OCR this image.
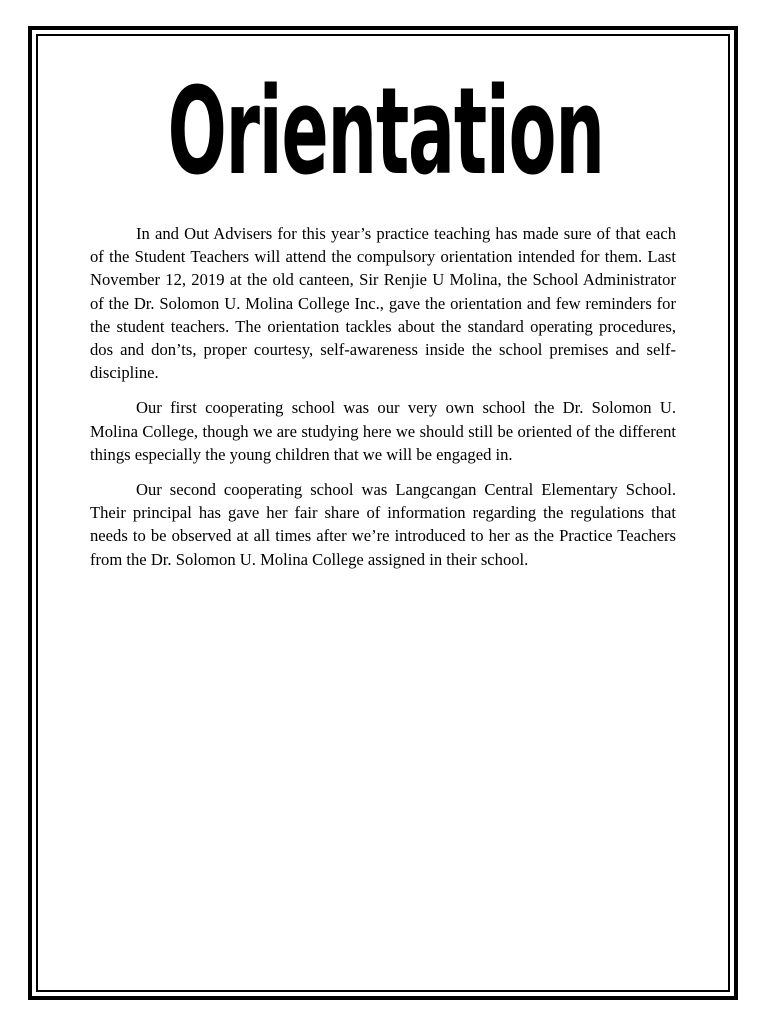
Orientation

In and Out Advisers for this year’s practice teaching has made sure of that each of the Student Teachers will attend the compulsory orientation intended for them. Last November 12, 2019 at the old canteen, Sir Renjie U Molina, the School Administrator of the Dr. Solomon U. Molina College Inc., gave the orientation and few reminders for the student teachers. The orientation tackles about the standard operating procedures, dos and don’ts, proper courtesy, self-awareness inside the school premises and self-discipline.

Our first cooperating school was our very own school the Dr. Solomon U. Molina College, though we are studying here we should still be oriented of the different things especially the young children that we will be engaged in.

Our second cooperating school was Langcangan Central Elementary School. Their principal has gave her fair share of information regarding the regulations that needs to be observed at all times after we’re introduced to her as the Practice Teachers from the Dr. Solomon U. Molina College assigned in their school.
